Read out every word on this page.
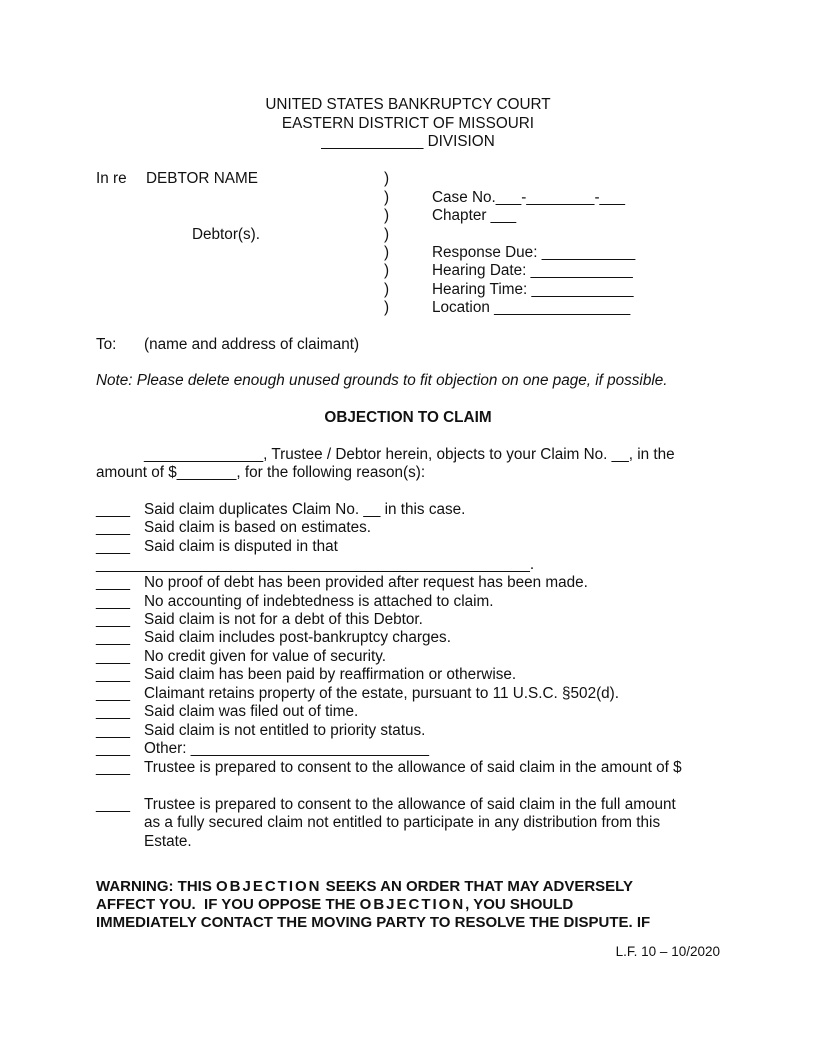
UNITED STATES BANKRUPTCY COURT
EASTERN DISTRICT OF MISSOURI
____________ DIVISION
In re DEBTOR NAME
Debtor(s).
)
)
)
)
)
)
)
)
Case No.___-________-___
Chapter ___
Response Due: ___________
Hearing Date: ____________
Hearing Time: ____________
Location ________________
To: (name and address of claimant)
Note: Please delete enough unused grounds to fit objection on one page, if possible.
OBJECTION TO CLAIM
______________, Trustee / Debtor herein, objects to your Claim No. __, in the
amount of $_______, for the following reason(s):
____ Said claim duplicates Claim No. __ in this case.
____ Said claim is based on estimates.
____ Said claim is disputed in that
___________________________________________________.
____ No proof of debt has been provided after request has been made.
____ No accounting of indebtedness is attached to claim.
____ Said claim is not for a debt of this Debtor.
____ Said claim includes post-bankruptcy charges.
____ No credit given for value of security.
____ Said claim has been paid by reaffirmation or otherwise.
____ Claimant retains property of the estate, pursuant to 11 U.S.C. §502(d).
____ Said claim was filed out of time.
____ Said claim is not entitled to priority status.
____ Other: ____________________________
____ Trustee is prepared to consent to the allowance of said claim in the amount of $
____ Trustee is prepared to consent to the allowance of said claim in the full amount
as a fully secured claim not entitled to participate in any distribution from this
Estate.
WARNING: THIS OBJECTION SEEKS AN ORDER THAT MAY ADVERSELY
AFFECT YOU.  IF YOU OPPOSE THE OBJECTION, YOU SHOULD
IMMEDIATELY CONTACT THE MOVING PARTY TO RESOLVE THE DISPUTE. IF
L.F. 10 – 10/2020
